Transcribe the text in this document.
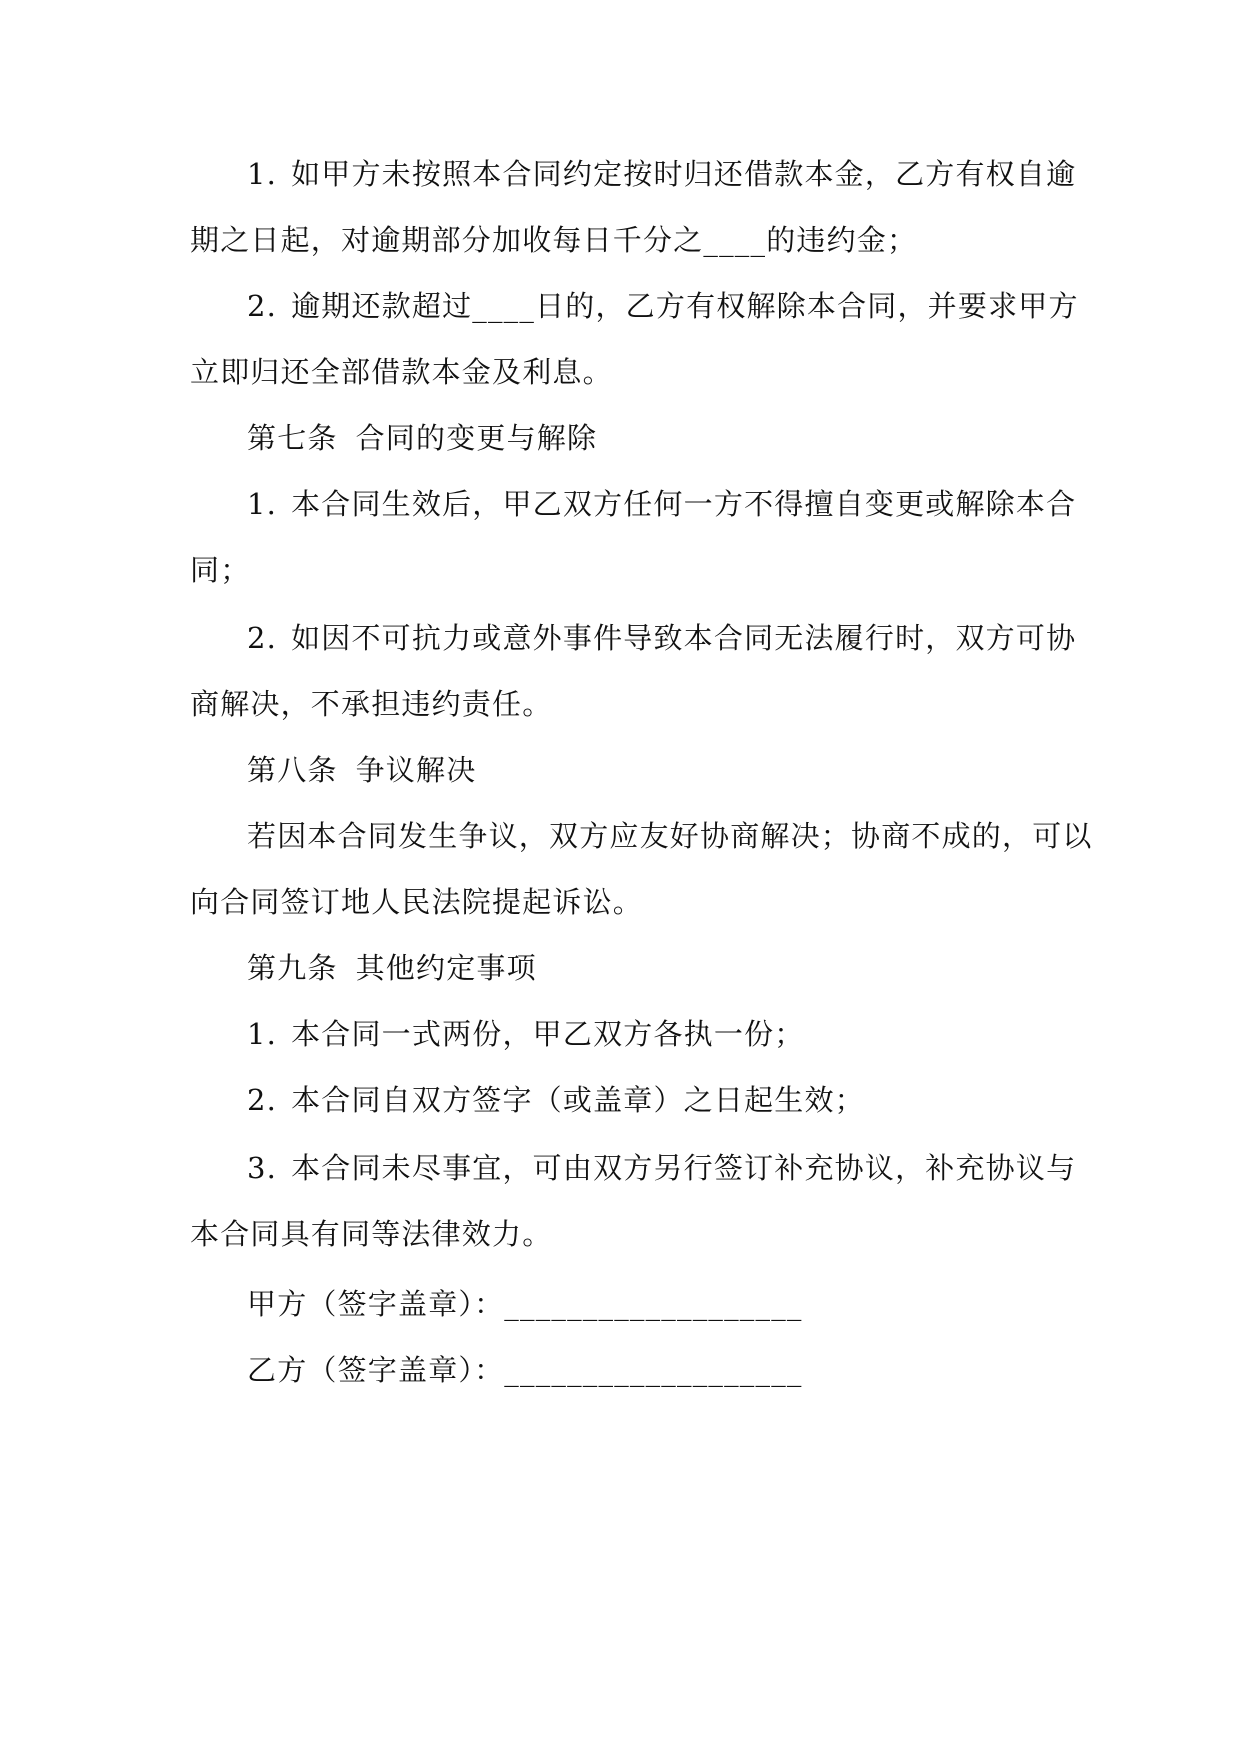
1. 如甲方未按照本合同约定按时归还借款本金，乙方有权自逾
期之日起，对逾期部分加收每日千分之____的违约金；
2. 逾期还款超过____日的，乙方有权解除本合同，并要求甲方
立即归还全部借款本金及利息。
第七条 合同的变更与解除
1. 本合同生效后，甲乙双方任何一方不得擅自变更或解除本合
同；
2. 如因不可抗力或意外事件导致本合同无法履行时，双方可协
商解决，不承担违约责任。
第八条 争议解决
若因本合同发生争议，双方应友好协商解决；协商不成的，可以
向合同签订地人民法院提起诉讼。
第九条 其他约定事项
1. 本合同一式两份，甲乙双方各执一份；
2. 本合同自双方签字（或盖章）之日起生效；
3. 本合同未尽事宜，可由双方另行签订补充协议，补充协议与
本合同具有同等法律效力。
甲方（签字盖章）：___________________
乙方（签字盖章）：___________________
